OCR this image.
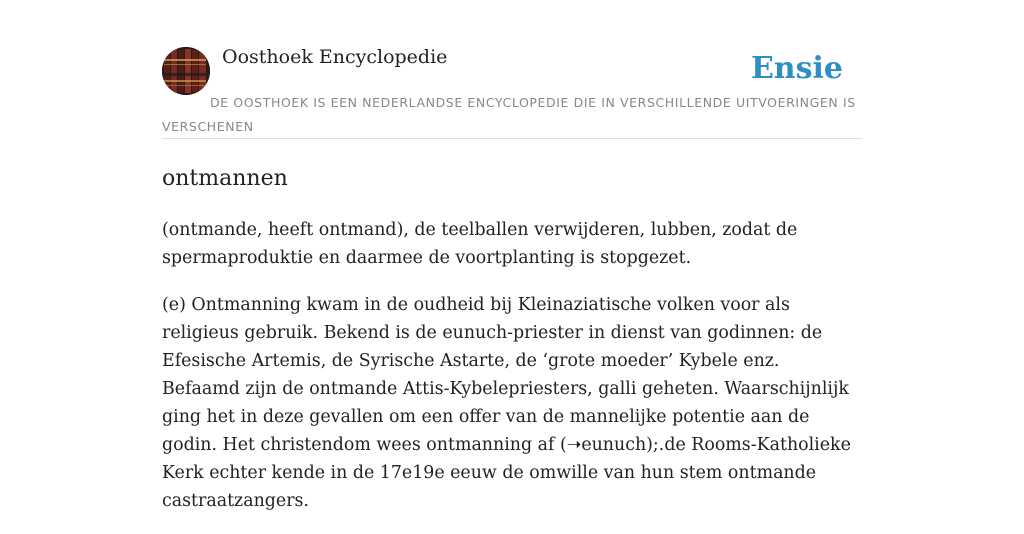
Oosthoek Encyclopedie	Ensie

DE OOSTHOEK IS EEN NEDERLANDSE ENCYCLOPEDIE DIE IN VERSCHILLENDE UITVOERINGEN IS VERSCHENEN

ontmannen

(ontmande, heeft ontmand), de teelballen verwijderen, lubben, zodat de spermaproduktie en daarmee de voortplanting is stopgezet.

(e) Ontmanning kwam in de oudheid bij Kleinaziatische volken voor als religieus gebruik. Bekend is de eunuch-priester in dienst van godinnen: de Efesische Artemis, de Syrische Astarte, de ‘grote moeder’ Kybele enz. Befaamd zijn de ontmande Attis-Kybelepriesters, galli geheten. Waarschijnlijk ging het in deze gevallen om een offer van de mannelijke potentie aan de godin. Het christendom wees ontmanning af (➝eunuch);.de Rooms-Katholieke Kerk echter kende in de 17e19e eeuw de omwille van hun stem ontmande castraatzangers.
